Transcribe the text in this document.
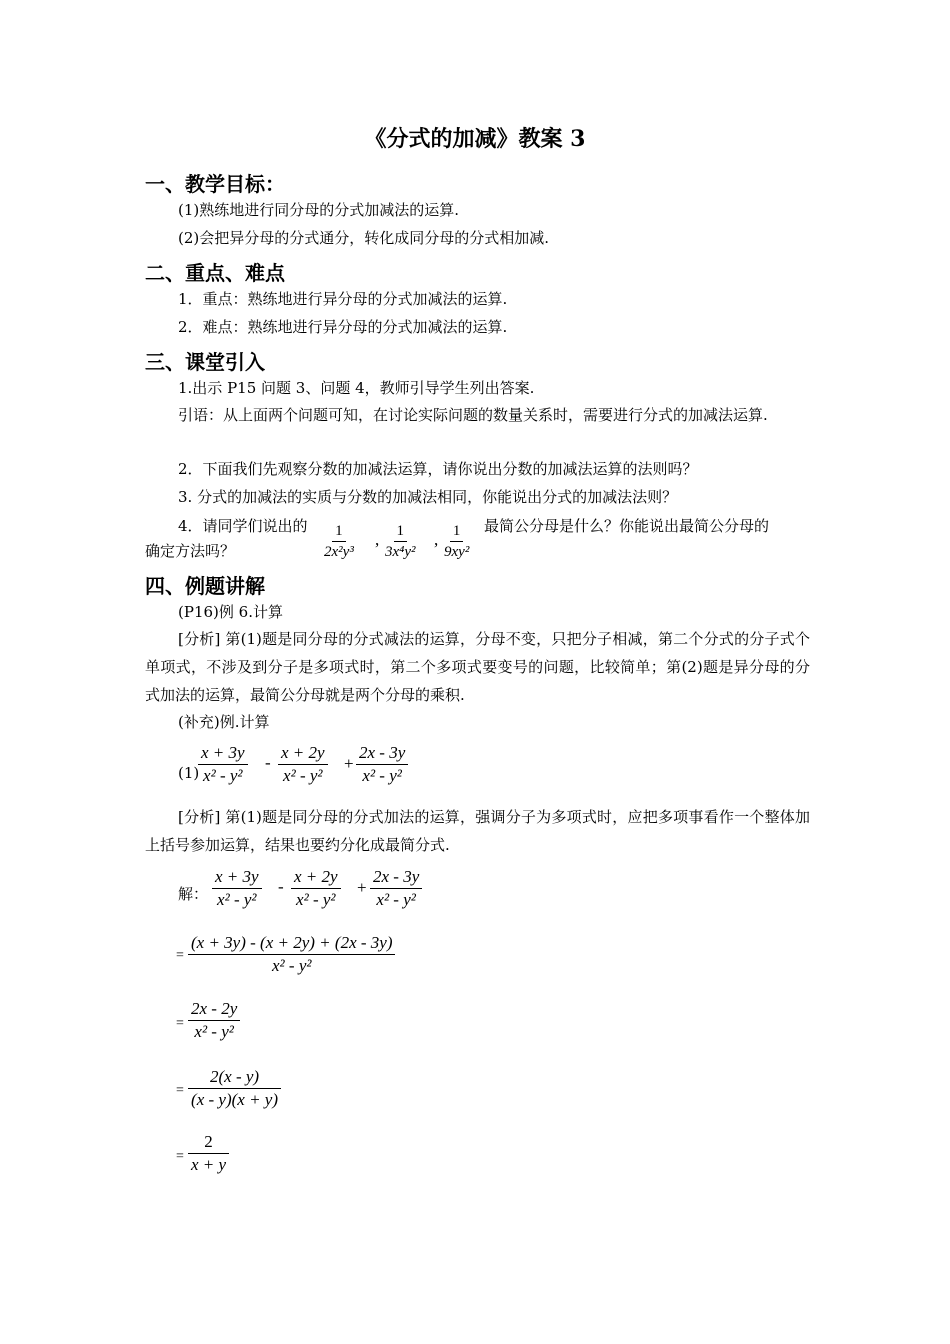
《分式的加减》教案 3
一、教学目标：
(1)熟练地进行同分母的分式加减法的运算.
(2)会把异分母的分式通分，转化成同分母的分式相加减.
二、重点、难点
1．重点：熟练地进行异分母的分式加减法的运算.
2．难点：熟练地进行异分母的分式加减法的运算.
三、课堂引入
1.出示 P15 问题 3、问题 4，教师引导学生列出答案.
引语：从上面两个问题可知，在讨论实际问题的数量关系时，需要进行分式的加减法运算.
2．下面我们先观察分数的加减法运算，请你说出分数的加减法运算的法则吗？
3. 分式的加减法的实质与分数的加减法相同，你能说出分式的加减法法则？
4．请同学们说出的	最简公分母是什么？你能说出最简公分母的
确定方法吗？	$\frac{1}{\text{2x²y³}}$ , $\frac{1}{\text{3x⁴y²}}$ , $\frac{1}{\text{9xy²}}$
四、例题讲解
(P16)例 6.计算
[分析] 第(1)题是同分母的分式减法的运算，分母不变，只把分子相减，第二个分式的分子式个单项式，不涉及到分子是多项式时，第二个多项式要变号的问题，比较简单；第(2)题是异分母的分式加法的运算，最简公分母就是两个分母的乘积.
(补充)例.计算
(1)
$\frac{x + 3y}{\text{x² - y²}} - \frac{x + 2y}{\text{x² - y²}} + \frac{2x - 3y}{\text{x² - y²}}$
[分析] 第(1)题是同分母的分式加法的运算，强调分子为多项式时，应把多项事看作一个整体加上括号参加运算，结果也要约分化成最简分式.
解： $\frac{x + 3y}{\text{x² - y²}} - \frac{x + 2y}{\text{x² - y²}} + \frac{2x - 3y}{\text{x² - y²}}$
= $\frac{(x + 3y) - (x + 2y) + (2x - 3y)}{\text{x² - y²}}$
= $\frac{2x - 2y}{\text{x² - y²}}$
= $\frac{2(x - y)}{(x - y)(x + y)}$
= $\frac{2}{x + y}$
